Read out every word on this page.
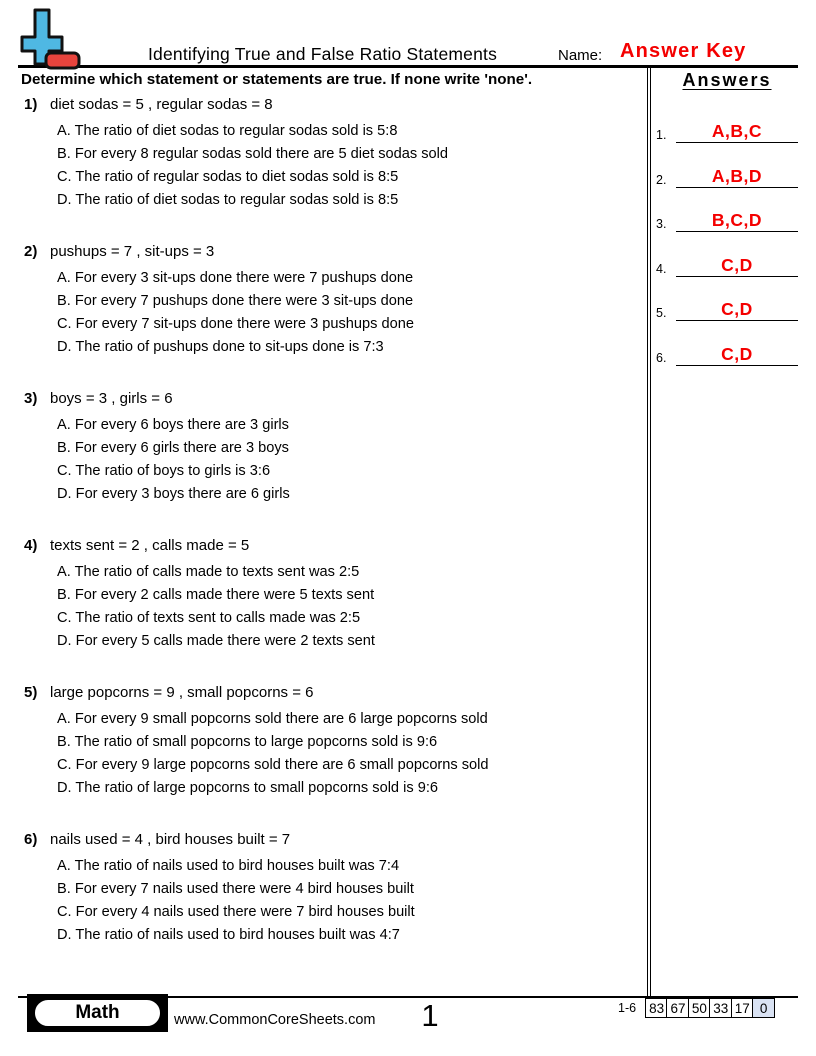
Identifying True and False Ratio Statements	Name: Answer Key
Determine which statement or statements are true. If none write 'none'.
1) diet sodas = 5 , regular sodas = 8
A. The ratio of diet sodas to regular sodas sold is 5:8
B. For every 8 regular sodas sold there are 5 diet sodas sold
C. The ratio of regular sodas to diet sodas sold is 8:5
D. The ratio of diet sodas to regular sodas sold is 8:5
2) pushups = 7 , sit-ups = 3
A. For every 3 sit-ups done there were 7 pushups done
B. For every 7 pushups done there were 3 sit-ups done
C. For every 7 sit-ups done there were 3 pushups done
D. The ratio of pushups done to sit-ups done is 7:3
3) boys = 3 , girls = 6
A. For every 6 boys there are 3 girls
B. For every 6 girls there are 3 boys
C. The ratio of boys to girls is 3:6
D. For every 3 boys there are 6 girls
4) texts sent = 2 , calls made = 5
A. The ratio of calls made to texts sent was 2:5
B. For every 2 calls made there were 5 texts sent
C. The ratio of texts sent to calls made was 2:5
D. For every 5 calls made there were 2 texts sent
5) large popcorns = 9 , small popcorns = 6
A. For every 9 small popcorns sold there are 6 large popcorns sold
B. The ratio of small popcorns to large popcorns sold is 9:6
C. For every 9 large popcorns sold there are 6 small popcorns sold
D. The ratio of large popcorns to small popcorns sold is 9:6
6) nails used = 4 , bird houses built = 7
A. The ratio of nails used to bird houses built was 7:4
B. For every 7 nails used there were 4 bird houses built
C. For every 4 nails used there were 7 bird houses built
D. The ratio of nails used to bird houses built was 4:7
Answers
1.	A,B,C
2.	A,B,D
3.	B,C,D
4.	C,D
5.	C,D
6.	C,D
Math	www.CommonCoreSheets.com	1	1-6 83 67 50 33 17 0
